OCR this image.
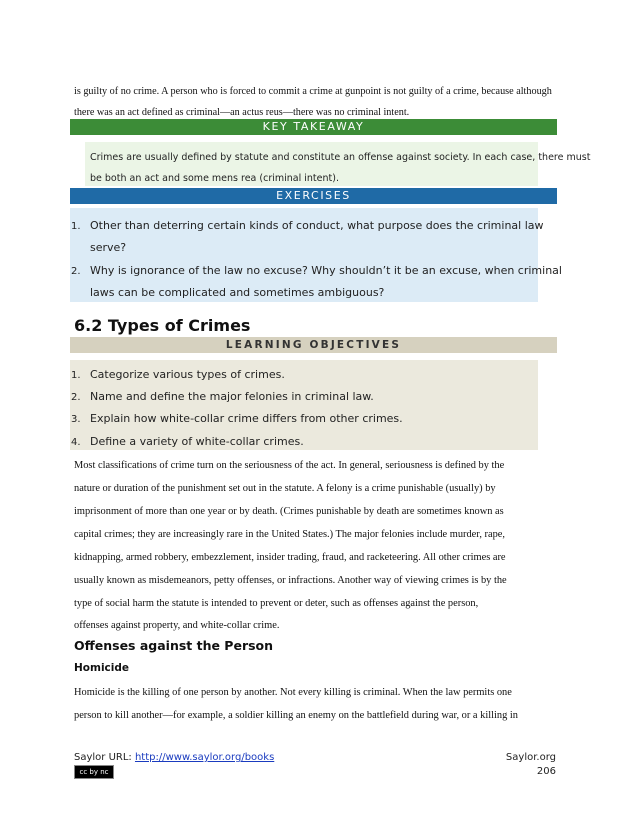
is guilty of no crime. A person who is forced to commit a crime at gunpoint is not guilty of a crime, because although
there was an act defined as criminal—an actus reus—there was no criminal intent.
KEY TAKEAWAY
Crimes are usually defined by statute and constitute an offense against society. In each case, there must
be both an act and some mens rea (criminal intent).
EXERCISES
1. Other than deterring certain kinds of conduct, what purpose does the criminal law
serve?
2. Why is ignorance of the law no excuse? Why shouldn’t it be an excuse, when criminal
laws can be complicated and sometimes ambiguous?
6.2 Types of Crimes
LEARNING OBJECTIVES
1. Categorize various types of crimes.
2. Name and define the major felonies in criminal law.
3. Explain how white-collar crime differs from other crimes.
4. Define a variety of white-collar crimes.
Most classifications of crime turn on the seriousness of the act. In general, seriousness is defined by the
nature or duration of the punishment set out in the statute. A felony is a crime punishable (usually) by
imprisonment of more than one year or by death. (Crimes punishable by death are sometimes known as
capital crimes; they are increasingly rare in the United States.) The major felonies include murder, rape,
kidnapping, armed robbery, embezzlement, insider trading, fraud, and racketeering. All other crimes are
usually known as misdemeanors, petty offenses, or infractions. Another way of viewing crimes is by the
type of social harm the statute is intended to prevent or deter, such as offenses against the person,
offenses against property, and white-collar crime.
Offenses against the Person
Homicide
Homicide is the killing of one person by another. Not every killing is criminal. When the law permits one
person to kill another—for example, a soldier killing an enemy on the battlefield during war, or a killing in
Saylor URL: http://www.saylor.org/books
cc by nc sa
Saylor.org
206
